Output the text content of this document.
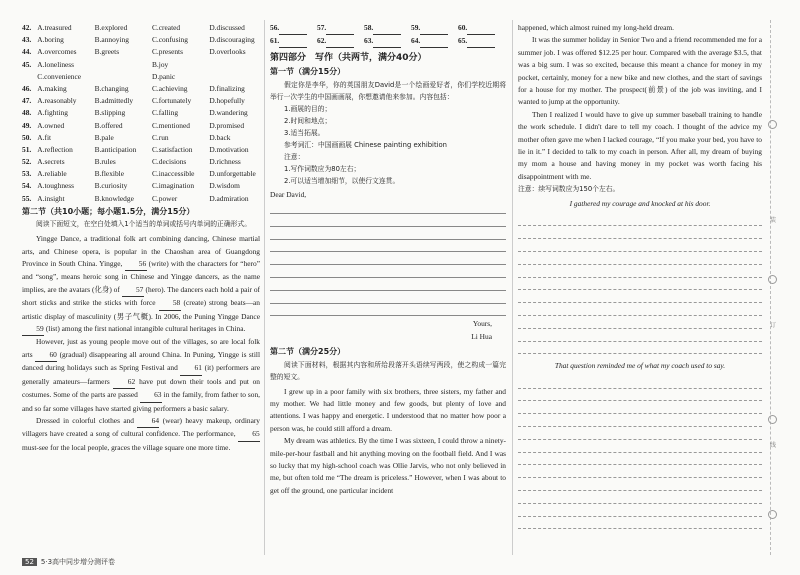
装
订
线
42. A.treasured	B.explored	C.created	D.discussed
43. A.boring	B.annoying	C.confusing	D.discouraging
44. A.overcomes	B.greets	C.presents	D.overlooks
45. A.loneliness	B.joy
C.convenience	D.panic
46. A.making	B.changing	C.achieving	D.finalizing
47. A.reasonably	B.admittedly	C.fortunately	D.hopefully
48. A.fighting	B.slipping	C.falling	D.wandering
49. A.owned	B.offered	C.mentioned	D.promised
50. A.fit	B.pale	C.run	D.back
51. A.reflection	B.anticipation	C.satisfaction	D.motivation
52. A.secrets	B.rules	C.decisions	D.richness
53. A.reliable	B.flexible	C.inaccessible	D.unforgettable
54. A.toughness	B.curiosity	C.imagination	D.wisdom
55. A.insight	B.knowledge	C.power	D.admiration
第二节（共10小题；每小题1.5分，满分15分）

阅读下面短文，在空白处填入1个适当的单词或括号内单词的正确形式。

Yingge Dance, a traditional folk art combining dancing, Chinese martial arts, and Chinese opera, is popular in the Chaoshan area of Guangdong Province in South China. Yingge, 56 (write) with the characters for “hero” and “song”, means heroic song in Chinese and Yingge dancers, as the name implies, are the avatars (化身) of 57 (hero). The dancers each hold a pair of short sticks and strike the sticks with force 58 (create) strong beats—an artistic display of masculinity (男子气概). In 2006, the Puning Yingge Dance 59 (list) among the first national intangible cultural heritages in China.

However, just as young people move out of the villages, so are local folk arts 60 (gradual) disappearing all around China. In Puning, Yingge is still danced during holidays such as Spring Festival and 61 (it) performers are generally amateurs—farmers 62 have put down their tools and put on costumes. Some of the parts are passed 63 in the family, from father to son, and so far some villages have started giving performers a basic salary.

Dressed in colorful clothes and 64 (wear) heavy makeup, ordinary villagers have created a song of cultural confidence. The performance, 65 must-see for the local people, graces the village square one more time.

56.	57.	58.	59.	60.
61.	62.	63.	64.	65.
第四部分　写作（共两节，满分40分）
第一节（满分15分）

假定你是李华，你的英国朋友David是一个绘画爱好者，你们学校近期将举行一次学生的中国画画展，你想邀请他来参加。内容包括：

1.画展的目的；
2.时间和地点；
3.适当拓展。
参考词汇：中国画画展 Chinese painting exhibition
注意：
1.写作词数应为80左右；
2.可以适当增加细节，以使行文连贯。
Dear David,
Yours,
Li Hua
第二节（满分25分）

阅读下面材料，根据其内容和所给段落开头语续写两段，使之构成一篇完整的短文。

I grew up in a poor family with six brothers, three sisters, my father and my mother. We had little money and few goods, but plenty of love and attentions. I was happy and energetic. I understood that no matter how poor a person was, he could still afford a dream.

My dream was athletics. By the time I was sixteen, I could throw a ninety-mile-per-hour fastball and hit anything moving on the football field. And I was so lucky that my high-school coach was Ollie Jarvis, who not only believed in me, but often told me “The dream is priceless.” However, when I was about to get off the ground, one particular incident

happened, which almost ruined my long-held dream.

It was the summer holiday in Senior Two and a friend recommended me for a summer job. I was offered $12.25 per hour. Compared with the average $3.5, that was a big sum. I was so excited, because this meant a chance for money in my pocket, certainly, money for a new bike and new clothes, and the start of savings for a house for my mother. The prospect(前景) of the job was inviting, and I wanted to jump at the opportunity.

Then I realized I would have to give up summer baseball training to handle the work schedule. I didn't dare to tell my coach. I thought of the advice my mother often gave me when I lacked courage, “If you make your bed, you have to lie in it.” I decided to talk to my coach in person. After all, my dream of buying my mom a house and having money in my pocket was worth facing his disappointment with me.

注意：续写词数应为150个左右。
I gathered my courage and knocked at his door.
That question reminded me of what my coach used to say.
52 5·3高中同步增分测评卷
